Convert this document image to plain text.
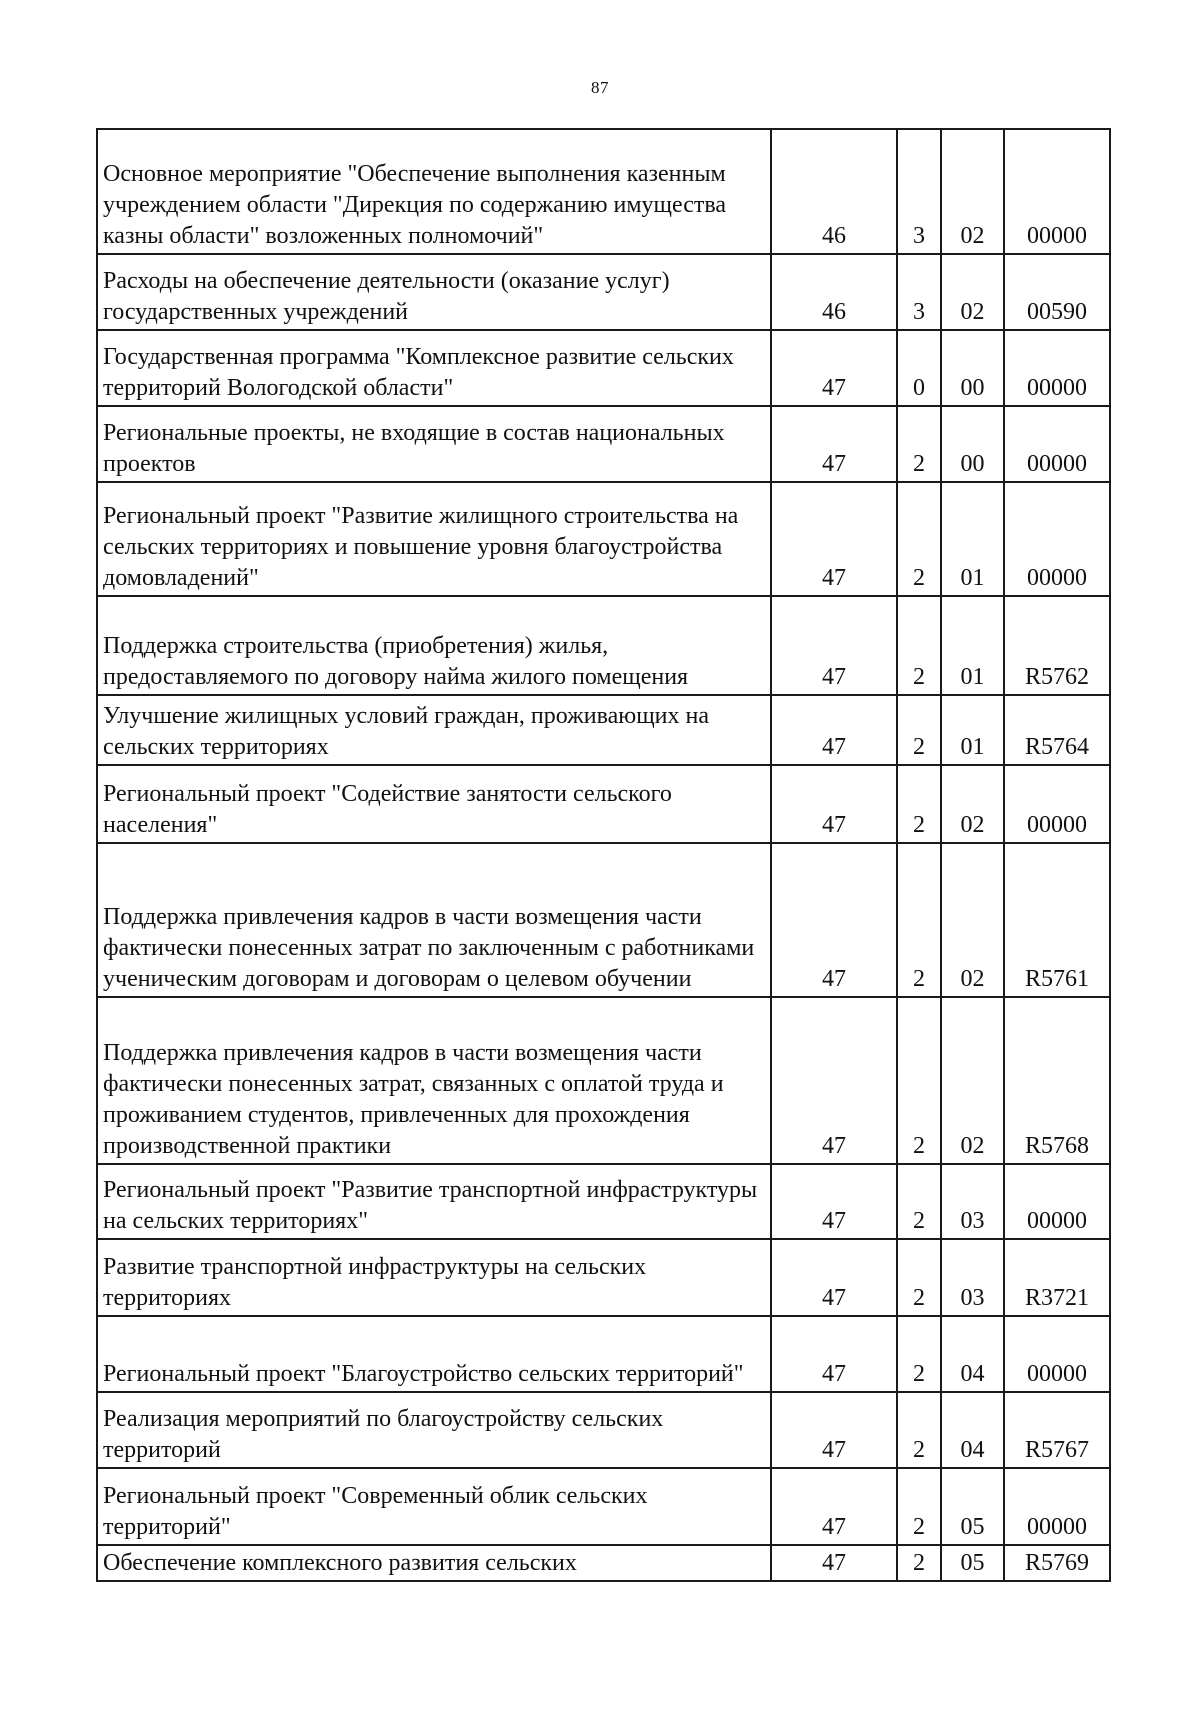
87
Основное мероприятие "Обеспечение выполнения казенным учреждением области "Дирекция по содержанию имущества казны области" возложенных полномочий"	46	3	02	00000
Расходы на обеспечение деятельности (оказание услуг) государственных учреждений	46	3	02	00590
Государственная программа "Комплексное развитие сельских территорий Вологодской области"	47	0	00	00000
Региональные проекты, не входящие в состав национальных проектов	47	2	00	00000
Региональный проект "Развитие жилищного строительства на сельских территориях и повышение уровня благоустройства домовладений"	47	2	01	00000
Поддержка строительства (приобретения) жилья, предоставляемого по договору найма жилого помещения	47	2	01	R5762
Улучшение жилищных условий граждан, проживающих на сельских территориях	47	2	01	R5764
Региональный проект "Содействие занятости сельского населения"	47	2	02	00000
Поддержка привлечения кадров в части возмещения части фактически понесенных затрат по заключенным с работниками ученическим договорам и договорам о целевом обучении	47	2	02	R5761
Поддержка привлечения кадров в части возмещения части фактически понесенных затрат, связанных с оплатой труда и проживанием студентов, привлеченных для прохождения производственной практики	47	2	02	R5768
Региональный проект "Развитие транспортной инфраструктуры на сельских территориях"	47	2	03	00000
Развитие транспортной инфраструктуры на сельских территориях	47	2	03	R3721
Региональный проект "Благоустройство сельских территорий"	47	2	04	00000
Реализация мероприятий по благоустройству сельских территорий	47	2	04	R5767
Региональный проект "Современный облик сельских территорий"	47	2	05	00000
Обеспечение комплексного развития сельских	47	2	05	R5769
